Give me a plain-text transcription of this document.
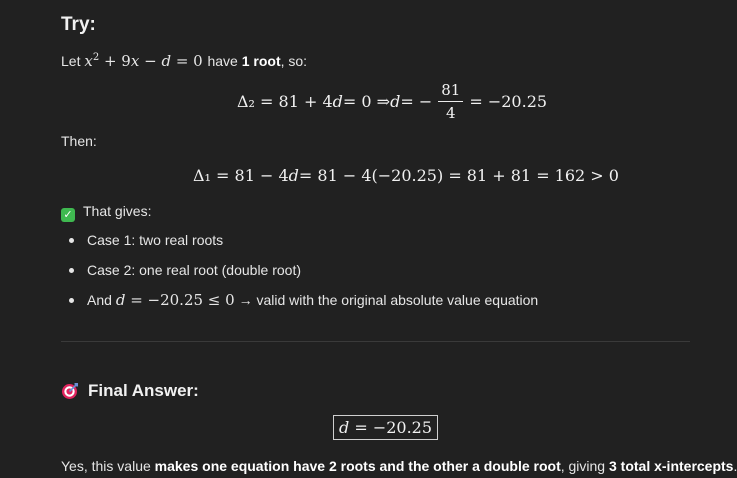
Try:
Let $x^2 + 9x - d = 0$ have 1 root, so:
Δ₂ = 81 + 4 d = 0 ⇒ d = − $\frac{81}{4} = -20.25$
Then:
Δ₁ = 81 − 4 d = 81 − 4(−20.25) = 81 + 81 = 162 > 0
✓ That gives:
Case 1: two real roots
Case 2: one real root (double root)
And d = −20.25 ≤ 0 → valid with the original absolute value equation
Final Answer:
d = −20.25
Yes, this value makes one equation have 2 roots and the other a double root, giving 3 total x-intercepts.
